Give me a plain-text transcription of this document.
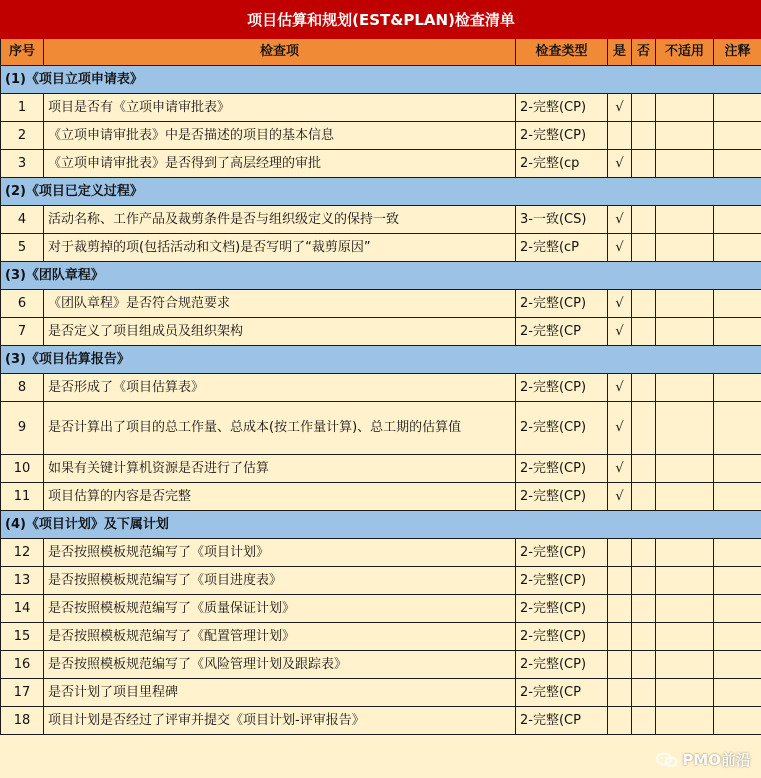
项目估算和规划(EST&PLAN)检查清单						
序号	检查项	检查类型	是	否	不适用	注释
(1)《项目立项申请表》						
1	项目是否有《立项申请审批表》	2-完整(CP)	√			
2	《立项申请审批表》中是否描述的项目的基本信息	2-完整(CP)				
3	《立项申请审批表》是否得到了高层经理的审批	2-完整(cp	√			
(2)《项目已定义过程》						
4	活动名称、工作产品及裁剪条件是否与组织级定义的保持一致	3-一致(CS)	√			
5	对于裁剪掉的项(包括活动和文档)是否写明了“裁剪原因”	2-完整(cP	√			
(3)《团队章程》						
6	《团队章程》是否符合规范要求	2-完整(CP)	√			
7	是否定义了项目组成员及组织架构	2-完整(CP	√			
(3)《项目估算报告》						
8	是否形成了《项目估算表》	2-完整(CP)	√			
9	是否计算出了项目的总工作量、总成本(按工作量计算)、总工期的估算值	2-完整(CP)	√			
10	如果有关键计算机资源是否进行了估算	2-完整(CP)	√			
11	项目估算的内容是否完整	2-完整(CP)	√			
(4)《项目计划》及下属计划						
12	是否按照模板规范编写了《项目计划》	2-完整(CP)				
13	是否按照模板规范编写了《项目进度表》	2-完整(CP)				
14	是否按照模板规范编写了《质量保证计划》	2-完整(CP)				
15	是否按照模板规范编写了《配置管理计划》	2-完整(CP)				
16	是否按照模板规范编写了《风险管理计划及跟踪表》	2-完整(CP)				
17	是否计划了项目里程碑	2-完整(CP				
18	项目计划是否经过了评审并提交《项目计划-评审报告》	2-完整(CP				
PMO前沿
